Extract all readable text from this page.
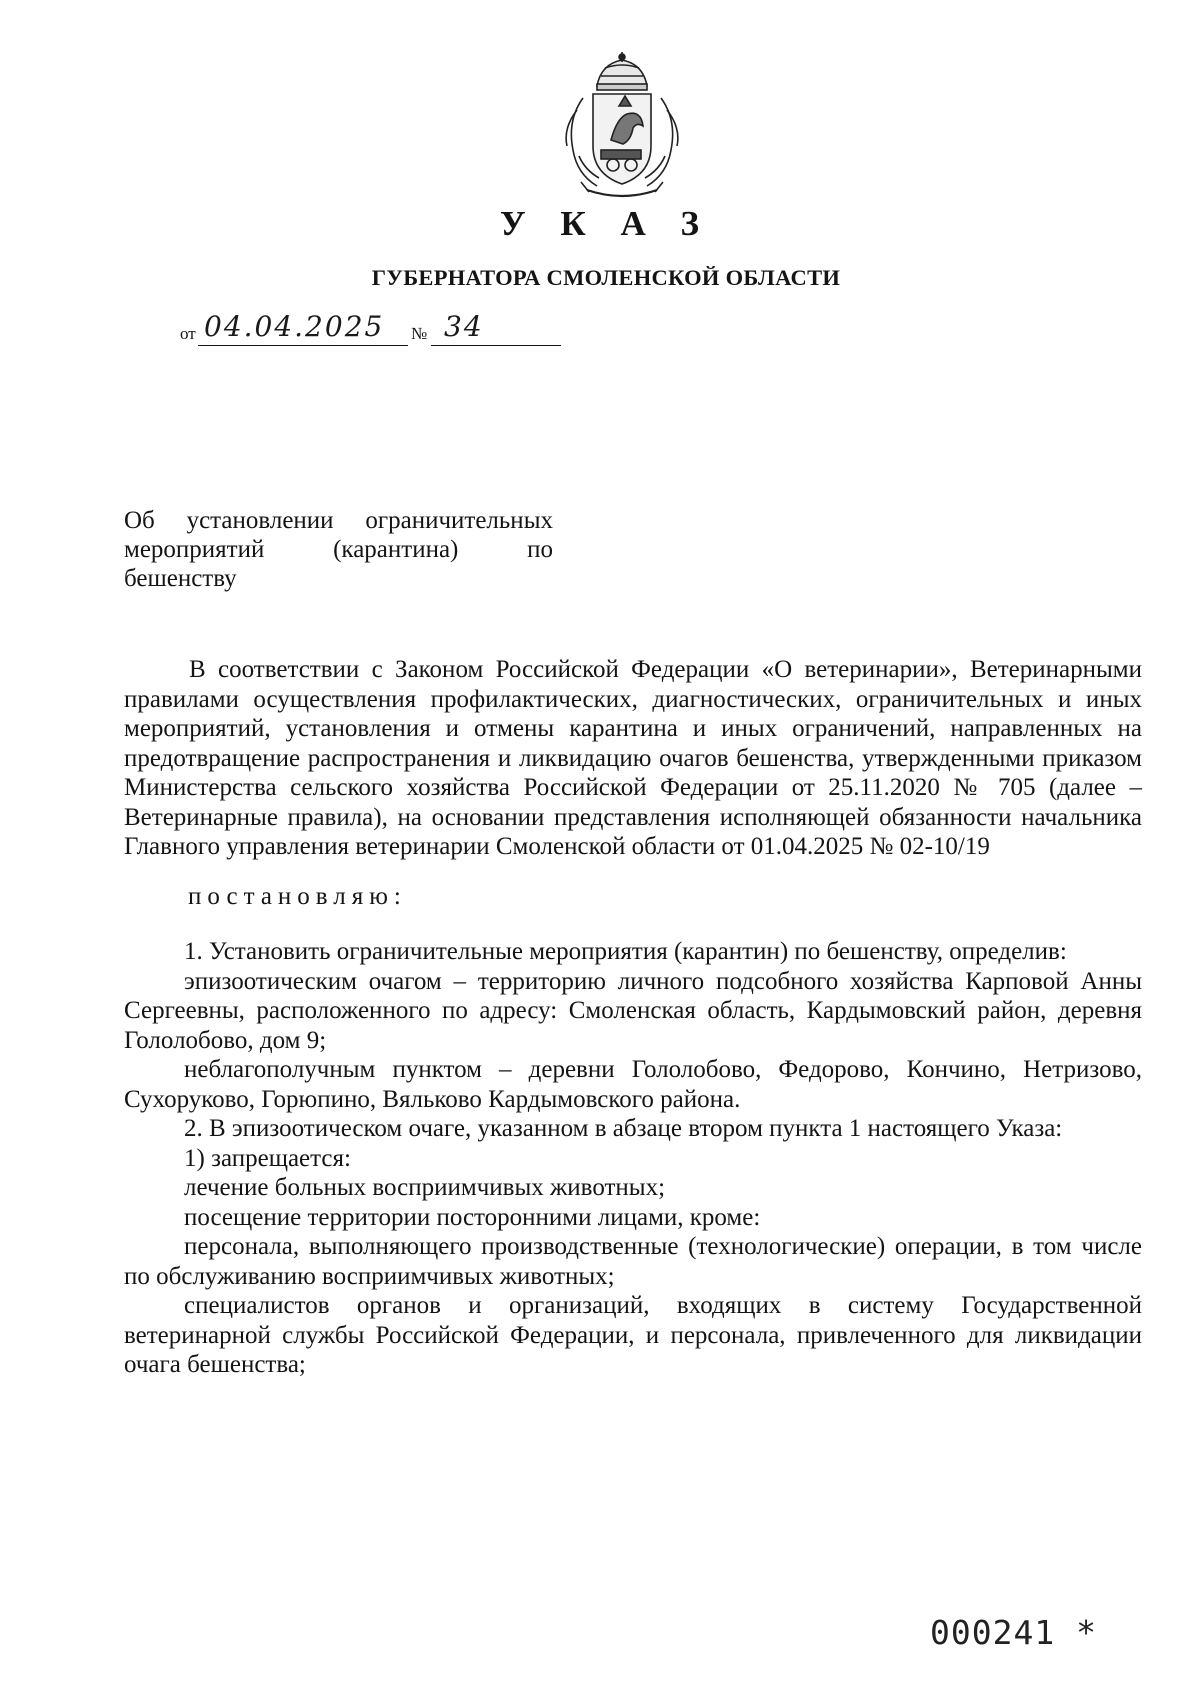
У К А З
ГУБЕРНАТОРА СМОЛЕНСКОЙ ОБЛАСТИ
от 04.04.2025 № 34
Об установлении ограничительных
мероприятий (карантина) по
бешенству

В соответствии с Законом Российской Федерации «О ветеринарии», Ветеринарными правилами осуществления профилактических, диагностических, ограничительных и иных мероприятий, установления и отмены карантина и иных ограничений, направленных на предотвращение распространения и ликвидацию очагов бешенства, утвержденными приказом Министерства сельского хозяйства Российской Федерации от 25.11.2020 № 705 (далее – Ветеринарные правила), на основании представления исполняющей обязанности начальника Главного управления ветеринарии Смоленской области от 01.04.2025 № 02-10/19

постановляю:

1. Установить ограничительные мероприятия (карантин) по бешенству, определив:

эпизоотическим очагом – территорию личного подсобного хозяйства Карповой Анны Сергеевны, расположенного по адресу: Смоленская область, Кардымовский район, деревня Гололобово, дом 9;

неблагополучным пунктом – деревни Гололобово, Федорово, Кончино, Нетризово, Сухоруково, Горюпино, Вяльково Кардымовского района.

2. В эпизоотическом очаге, указанном в абзаце втором пункта 1 настоящего Указа:

1) запрещается:

лечение больных восприимчивых животных;

посещение территории посторонними лицами, кроме:

персонала, выполняющего производственные (технологические) операции, в том числе по обслуживанию восприимчивых животных;

специалистов органов и организаций, входящих в систему Государственной ветеринарной службы Российской Федерации, и персонала, привлеченного для ликвидации очага бешенства;

000241 *
